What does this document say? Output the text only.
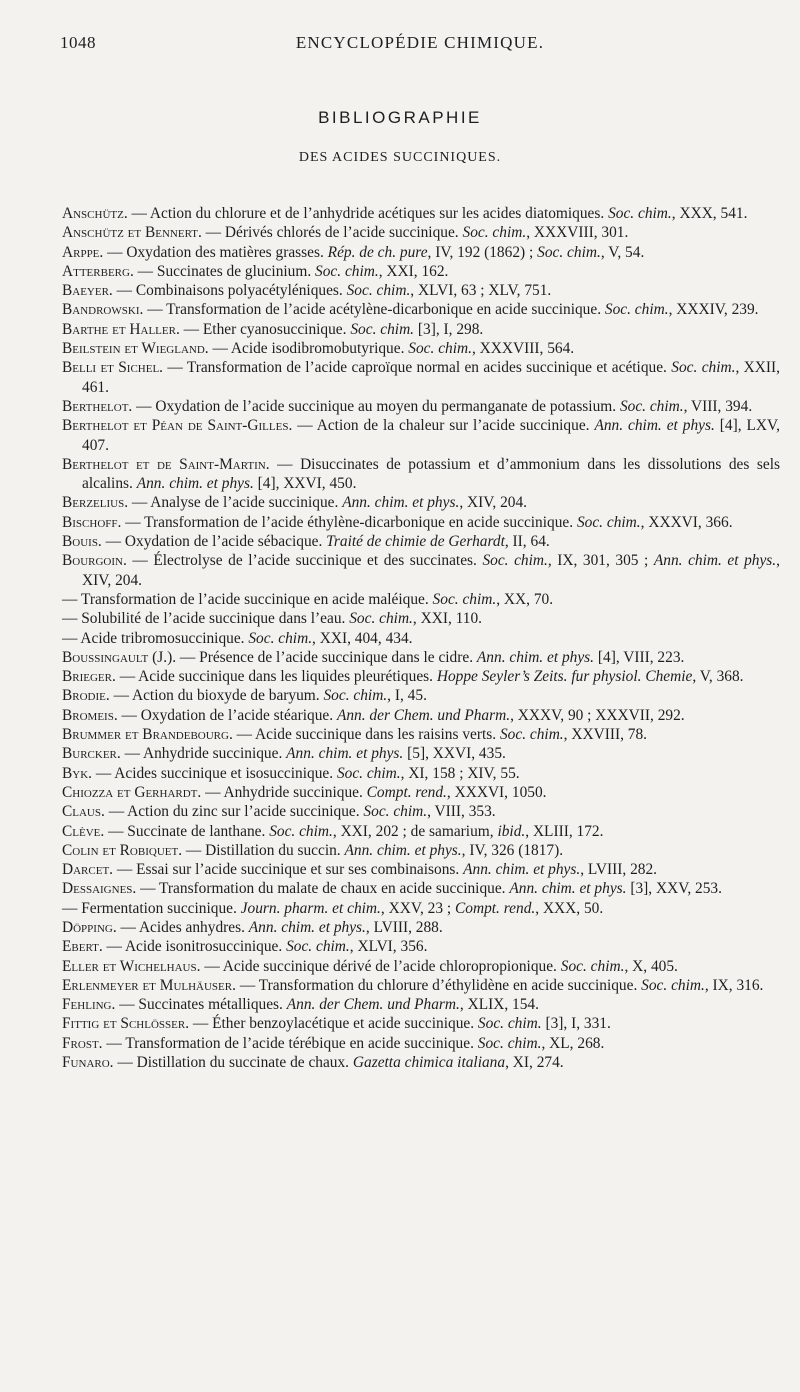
1048	ENCYCLOPÉDIE CHIMIQUE.
BIBLIOGRAPHIE
DES ACIDES SUCCINIQUES.
Anschütz. — Action du chlorure et de l’anhydride acétiques sur les acides diatomiques. Soc. chim., XXX, 541.
Anschütz et Bennert. — Dérivés chlorés de l’acide succinique. Soc. chim., XXXVIII, 301.
Arppe. — Oxydation des matières grasses. Rép. de ch. pure, IV, 192 (1862) ; Soc. chim., V, 54.
Atterberg. — Succinates de glucinium. Soc. chim., XXI, 162.
Baeyer. — Combinaisons polyacétyléniques. Soc. chim., XLVI, 63 ; XLV, 751.
Bandrowski. — Transformation de l’acide acétylène-dicarbonique en acide succinique. Soc. chim., XXXIV, 239.
Barthe et Haller. — Ether cyanosuccinique. Soc. chim. [3], I, 298.
Beilstein et Wiegland. — Acide isodibromobutyrique. Soc. chim., XXXVIII, 564.
Belli et Sichel. — Transformation de l’acide caproïque normal en acides succinique et acétique. Soc. chim., XXII, 461.
Berthelot. — Oxydation de l’acide succinique au moyen du permanganate de potassium. Soc. chim., VIII, 394.
Berthelot et Péan de Saint-Gilles. — Action de la chaleur sur l’acide succinique. Ann. chim. et phys. [4], LXV, 407.
Berthelot et de Saint-Martin. — Disuccinates de potassium et d’ammonium dans les dissolutions des sels alcalins. Ann. chim. et phys. [4], XXVI, 450.
Berzelius. — Analyse de l’acide succinique. Ann. chim. et phys., XIV, 204.
Bischoff. — Transformation de l’acide éthylène-dicarbonique en acide succinique. Soc. chim., XXXVI, 366.
Bouis. — Oxydation de l’acide sébacique. Traité de chimie de Gerhardt, II, 64.
Bourgoin. — Électrolyse de l’acide succinique et des succinates. Soc. chim., IX, 301, 305 ; Ann. chim. et phys., XIV, 204.
— Transformation de l’acide succinique en acide maléique. Soc. chim., XX, 70.
— Solubilité de l’acide succinique dans l’eau. Soc. chim., XXI, 110.
— Acide tribromosuccinique. Soc. chim., XXI, 404, 434.
Boussingault (J.). — Présence de l’acide succinique dans le cidre. Ann. chim. et phys. [4], VIII, 223.
Brieger. — Acide succinique dans les liquides pleurétiques. Hoppe Seyler’s Zeits. fur physiol. Chemie, V, 368.
Brodie. — Action du bioxyde de baryum. Soc. chim., I, 45.
Bromeis. — Oxydation de l’acide stéarique. Ann. der Chem. und Pharm., XXXV, 90 ; XXXVII, 292.
Brummer et Brandebourg. — Acide succinique dans les raisins verts. Soc. chim., XXVIII, 78.
Burcker. — Anhydride succinique. Ann. chim. et phys. [5], XXVI, 435.
Byk. — Acides succinique et isosuccinique. Soc. chim., XI, 158 ; XIV, 55.
Chiozza et Gerhardt. — Anhydride succinique. Compt. rend., XXXVI, 1050.
Claus. — Action du zinc sur l’acide succinique. Soc. chim., VIII, 353.
Clève. — Succinate de lanthane. Soc. chim., XXI, 202 ; de samarium, ibid., XLIII, 172.
Colin et Robiquet. — Distillation du succin. Ann. chim. et phys., IV, 326 (1817).
Darcet. — Essai sur l’acide succinique et sur ses combinaisons. Ann. chim. et phys., LVIII, 282.
Dessaignes. — Transformation du malate de chaux en acide succinique. Ann. chim. et phys. [3], XXV, 253.
— Fermentation succinique. Journ. pharm. et chim., XXV, 23 ; Compt. rend., XXX, 50.
Döpping. — Acides anhydres. Ann. chim. et phys., LVIII, 288.
Ebert. — Acide isonitrosuccinique. Soc. chim., XLVI, 356.
Eller et Wichelhaus. — Acide succinique dérivé de l’acide chloropropionique. Soc. chim., X, 405.
Erlenmeyer et Mulhäuser. — Transformation du chlorure d’éthylidène en acide succinique. Soc. chim., IX, 316.
Fehling. — Succinates métalliques. Ann. der Chem. und Pharm., XLIX, 154.
Fittig et Schlösser. — Éther benzoylacétique et acide succinique. Soc. chim. [3], I, 331.
Frost. — Transformation de l’acide térébique en acide succinique. Soc. chim., XL, 268.
Funaro. — Distillation du succinate de chaux. Gazetta chimica italiana, XI, 274.
